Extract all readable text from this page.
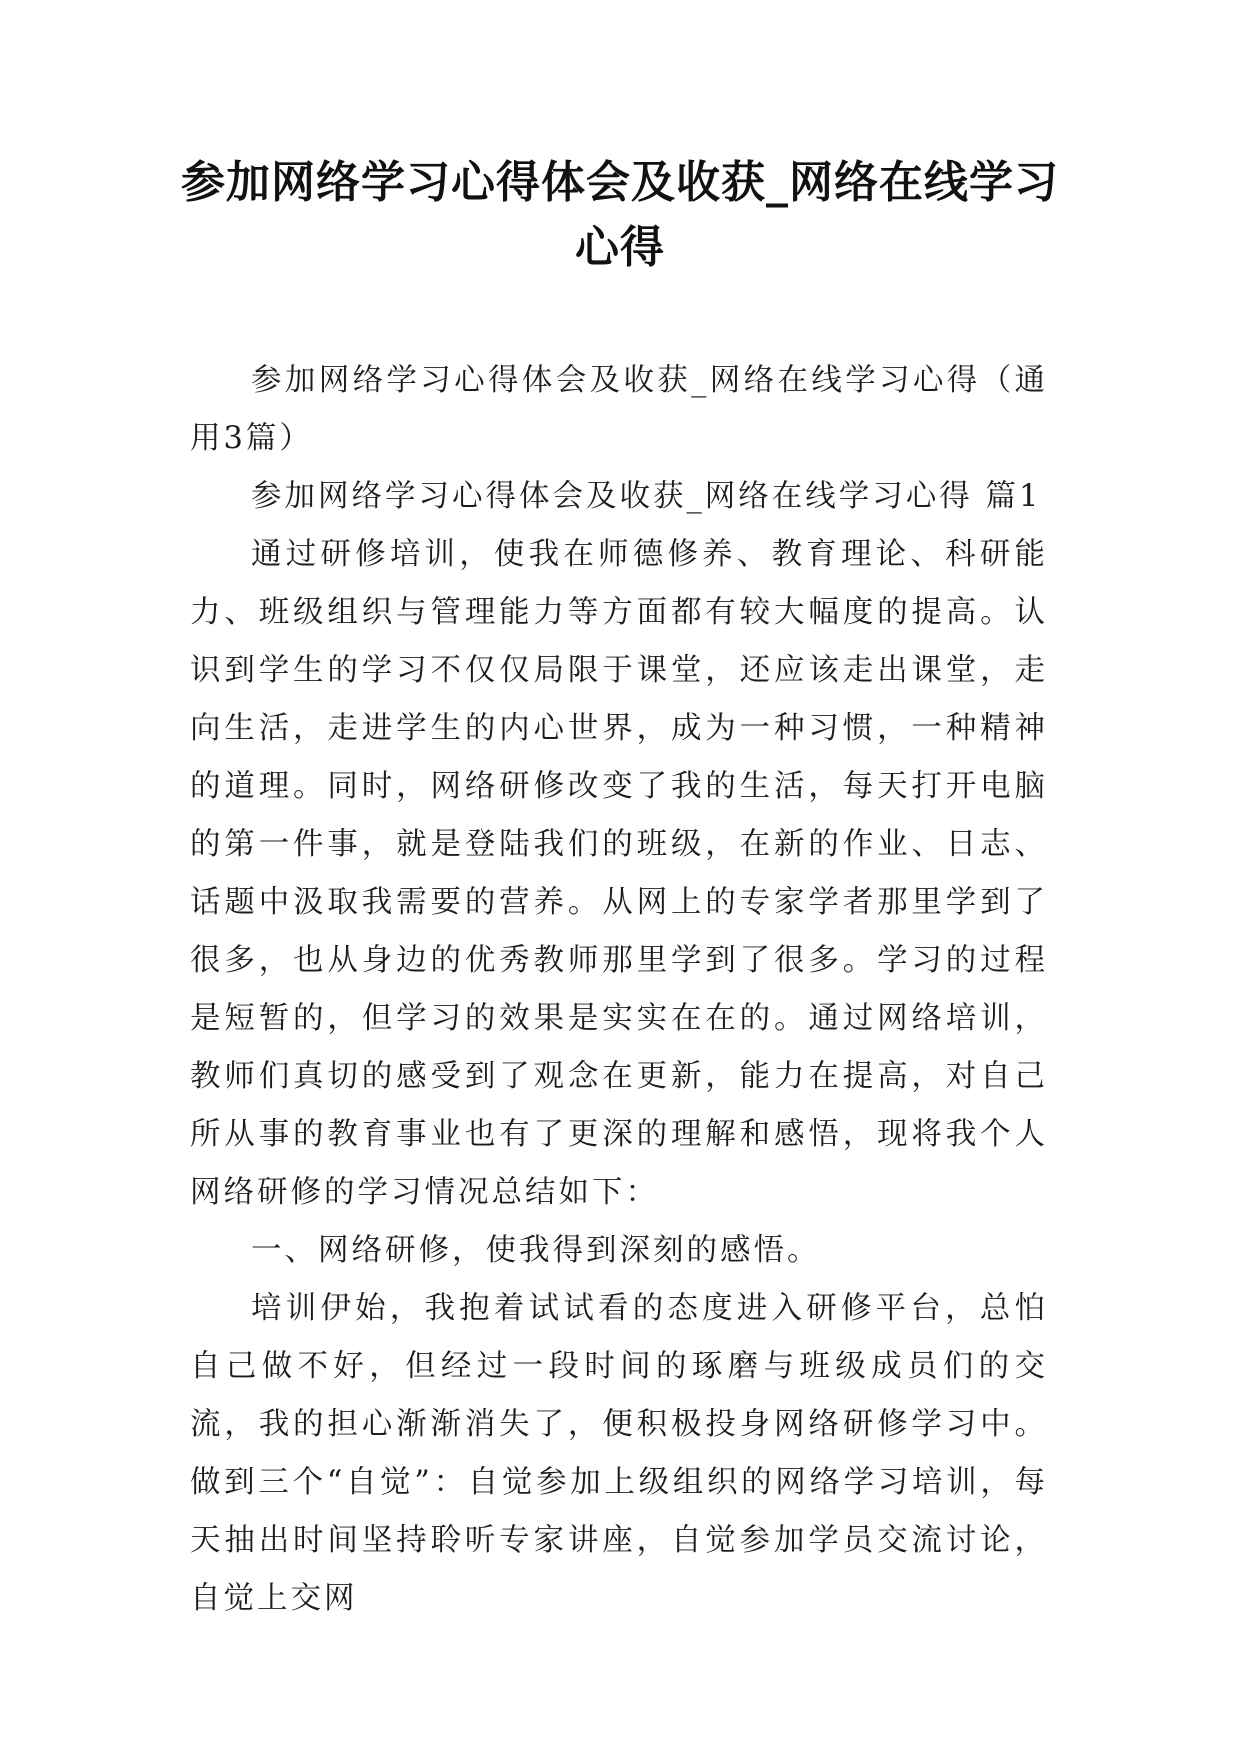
参加网络学习心得体会及收获_网络在线学习心得

参加网络学习心得体会及收获_网络在线学习心得（通用3篇）

参加网络学习心得体会及收获_网络在线学习心得 篇1

通过研修培训，使我在师德修养、教育理论、科研能力、班级组织与管理能力等方面都有较大幅度的提高。认识到学生的学习不仅仅局限于课堂，还应该走出课堂，走向生活，走进学生的内心世界，成为一种习惯，一种精神的道理。同时，网络研修改变了我的生活，每天打开电脑的第一件事，就是登陆我们的班级，在新的作业、日志、话题中汲取我需要的营养。从网上的专家学者那里学到了很多，也从身边的优秀教师那里学到了很多。学习的过程是短暂的，但学习的效果是实实在在的。通过网络培训，教师们真切的感受到了观念在更新，能力在提高，对自己所从事的教育事业也有了更深的理解和感悟，现将我个人网络研修的学习情况总结如下：

一、网络研修，使我得到深刻的感悟。

培训伊始，我抱着试试看的态度进入研修平台，总怕自己做不好，但经过一段时间的琢磨与班级成员们的交流，我的担心渐渐消失了，便积极投身网络研修学习中。做到三个“自觉”：自觉参加上级组织的网络学习培训，每天抽出时间坚持聆听专家讲座，自觉参加学员交流讨论，自觉上交网
